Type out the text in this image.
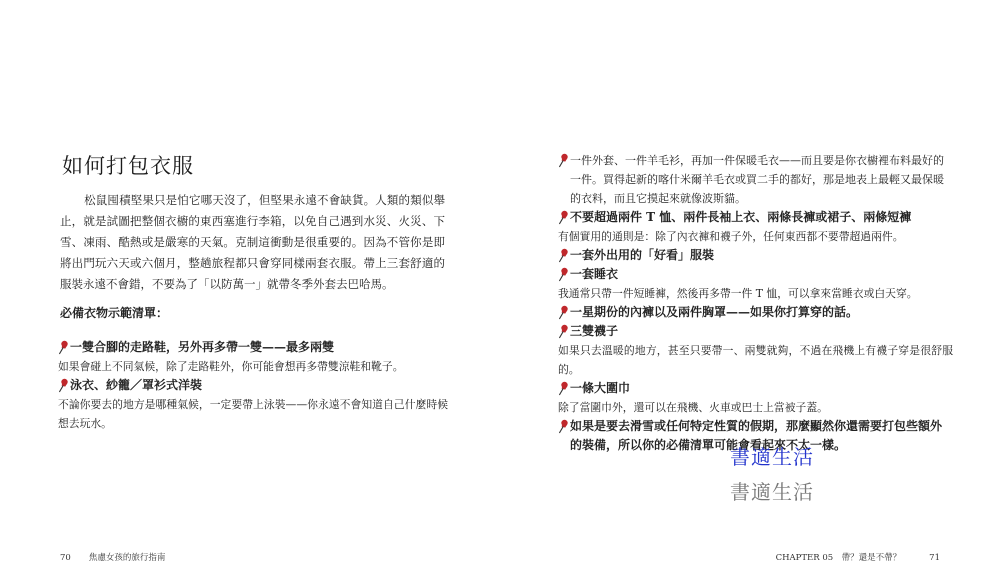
如何打包衣服

松鼠囤積堅果只是怕它哪天沒了，但堅果永遠不會缺貨。人類的類似舉止，就是試圖把整個衣櫥的東西塞進行李箱，以免自己遇到水災、火災、下雪、凍雨、酷熱或是嚴寒的天氣。克制這衝動是很重要的。因為不管你是即將出門玩六天或六個月，整趟旅程都只會穿同樣兩套衣服。帶上三套舒適的服裝永遠不會錯，不要為了「以防萬一」就帶冬季外套去巴哈馬。

必備衣物示範清單：

一雙合腳的走路鞋，另外再多帶一雙——最多兩雙
如果會碰上不同氣候，除了走路鞋外，你可能會想再多帶雙涼鞋和靴子。
泳衣、紗籠／罩衫式洋裝
不論你要去的地方是哪種氣候，一定要帶上泳裝——你永遠不會知道自己什麼時候想去玩水。
70 焦慮女孩的旅行指南
一件外套、一件羊毛衫，再加一件保暖毛衣——而且要是你衣櫥裡布料最好的一件。買得起新的喀什米爾羊毛衣或買二手的都好，那是地表上最輕又最保暖的衣料，而且它摸起來就像波斯貓。
不要超過兩件 T 恤、兩件長袖上衣、兩條長褲或裙子、兩條短褲
有個實用的通則是：除了內衣褲和襪子外，任何東西都不要帶超過兩件。
一套外出用的「好看」服裝
一套睡衣
我通常只帶一件短睡褲，然後再多帶一件 T 恤，可以拿來當睡衣或白天穿。
一星期份的內褲以及兩件胸罩——如果你打算穿的話。
三雙襪子
如果只去溫暖的地方，甚至只要帶一、兩雙就夠，不過在飛機上有襪子穿是很舒服的。
一條大圍巾
除了當圍巾外，還可以在飛機、火車或巴士上當被子蓋。
如果是要去滑雪或任何特定性質的假期，那麼顯然你還需要打包些額外的裝備，所以你的必備清單可能會看起來不太一樣。
書適生活
書適生活
CHAPTER 05　帶？還是不帶？	71
